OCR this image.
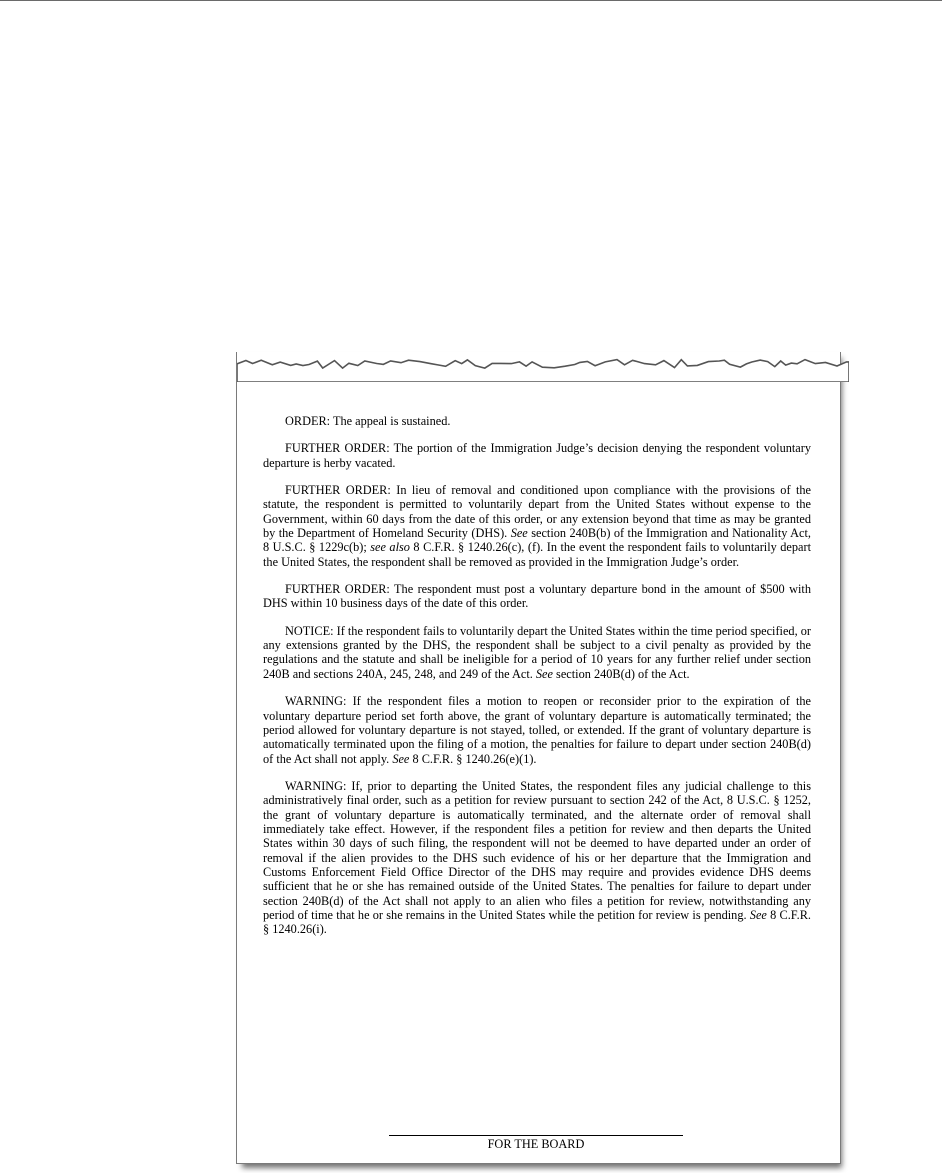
ORDER: The appeal is sustained.

FURTHER ORDER: The portion of the Immigration Judge’s decision denying the respondent voluntary departure is herby vacated.

FURTHER ORDER: In lieu of removal and conditioned upon compliance with the provisions of the statute, the respondent is permitted to voluntarily depart from the United States without expense to the Government, within 60 days from the date of this order, or any extension beyond that time as may be granted by the Department of Homeland Security (DHS). See section 240B(b) of the Immigration and Nationality Act, 8 U.S.C. § 1229c(b); see also 8 C.F.R. § 1240.26(c), (f). In the event the respondent fails to voluntarily depart the United States, the respondent shall be removed as provided in the Immigration Judge’s order.

FURTHER ORDER: The respondent must post a voluntary departure bond in the amount of $500 with DHS within 10 business days of the date of this order.

NOTICE: If the respondent fails to voluntarily depart the United States within the time period specified, or any extensions granted by the DHS, the respondent shall be subject to a civil penalty as provided by the regulations and the statute and shall be ineligible for a period of 10 years for any further relief under section 240B and sections 240A, 245, 248, and 249 of the Act. See section 240B(d) of the Act.

WARNING: If the respondent files a motion to reopen or reconsider prior to the expiration of the voluntary departure period set forth above, the grant of voluntary departure is automatically terminated; the period allowed for voluntary departure is not stayed, tolled, or extended. If the grant of voluntary departure is automatically terminated upon the filing of a motion, the penalties for failure to depart under section 240B(d) of the Act shall not apply. See 8 C.F.R. § 1240.26(e)(1).

WARNING: If, prior to departing the United States, the respondent files any judicial challenge to this administratively final order, such as a petition for review pursuant to section 242 of the Act, 8 U.S.C. § 1252, the grant of voluntary departure is automatically terminated, and the alternate order of removal shall immediately take effect. However, if the respondent files a petition for review and then departs the United States within 30 days of such filing, the respondent will not be deemed to have departed under an order of removal if the alien provides to the DHS such evidence of his or her departure that the Immigration and Customs Enforcement Field Office Director of the DHS may require and provides evidence DHS deems sufficient that he or she has remained outside of the United States. The penalties for failure to depart under section 240B(d) of the Act shall not apply to an alien who files a petition for review, notwithstanding any period of time that he or she remains in the United States while the petition for review is pending. See 8 C.F.R. § 1240.26(i).

FOR THE BOARD
